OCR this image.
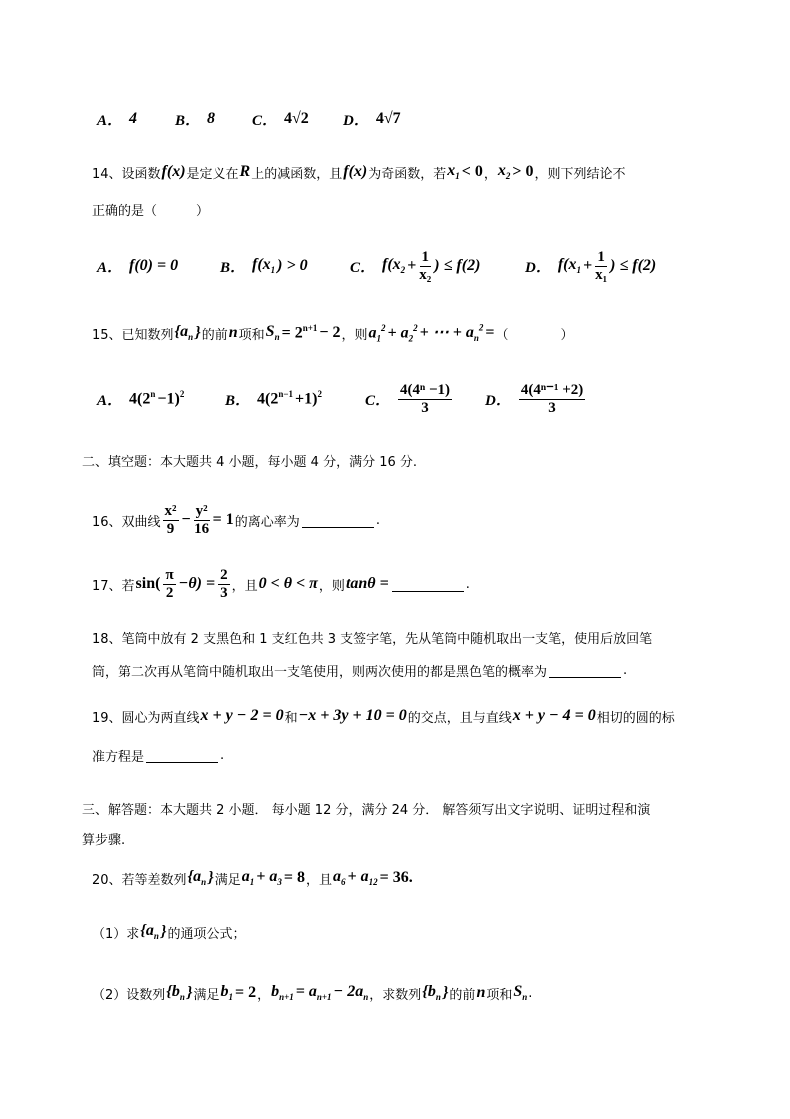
A． 4	B． 8 C． 4√2 D． 4√7
14、设函数 f(x) 是定义在 R 上的减函数，且 f(x) 为奇函数，若 $x_1 < 0$ ， $x_2 > 0$ ，则下列结论不
正确的是（　　　）
A． f(0) = 0	B． $f(x_1$ ) > 0	C． $f(x_2 + \frac{1}{\text{x₂}}$ ) ≤ f(2)	D． $f(x_1 + \frac{1}{\text{x₁}}$ ) ≤ f(2)
15、已知数列 {$a_n$ } 的前 n 项和 $S_n = 2^{n+1} - 2$ ，则 $a_1^2 + a_2^2$ + ⋯ + $a_n^2$ = （　　　　）
A． $4(2^n -1)^2$	B． $4(2^{n-1} +1)^2$	C． $\frac{\text{4(4ⁿ −1)}}{3}$ D． $\frac{\text{4(4ⁿ⁻¹ +2)}}{3}$
二、填空题：本大题共 4 小题，每小题 4 分，满分 16 分.
16、双曲线 $\frac{\text{x²}}{9} - \frac{\text{y²}}{16} = 1$ 的离心率为	.
17、若 $\sin( \frac{\pi}{2} -\theta) = \frac{2}{3}$ ，且 0 < θ < π ，则 tanθ =	.
18、笔筒中放有 2 支黑色和 1 支红色共 3 支签字笔，先从笔筒中随机取出一支笔，使用后放回笔
筒，第二次再从笔筒中随机取出一支笔使用，则两次使用的都是黑色笔的概率为	.
19、圆心为两直线 x + y − 2 = 0 和 −x + 3y + 10 = 0 的交点，且与直线 x + y − 4 = 0 相切的圆的标
准方程是	.
三、解答题：本大题共 2 小题． 每小题 12 分，满分 24 分． 解答须写出文字说明、证明过程和演
算步骤.
20、若等差数列 {$a_n$ } 满足 $a_1 + a_3 = 8$ ，且 $a_6 + a_{12} = 36$.
（1）求 {$a_n$ } 的通项公式；
（2）设数列 {$b_n$ } 满足 $b_1 = 2$ ， $b_{n+1} = a_{n+1} - 2a_n$ ，求数列 {$b_n$ } 的前 n 项和 $S_n$ .
